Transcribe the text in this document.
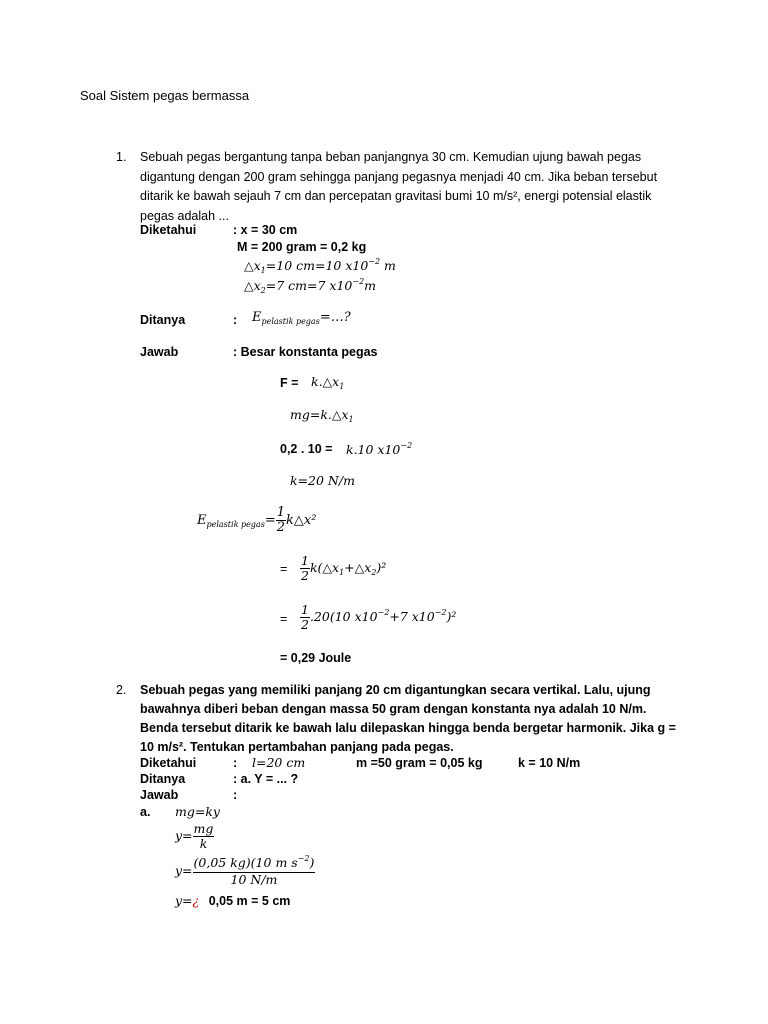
Soal Sistem pegas bermassa
1. Sebuah pegas bergantung tanpa beban panjangnya 30 cm. Kemudian ujung bawah pegas digantung dengan 200 gram sehingga panjang pegasnya menjadi 40 cm. Jika beban tersebut ditarik ke bawah sejauh 7 cm dan percepatan gravitasi bumi 10 m/s², energi potensial elastik pegas adalah ...
Diketahui	: x = 30 cm
M = 200 gram = 0,2 kg
$\triangle x_1=10$ cm=10 $x10^{-2}$ m
$\triangle x_2=7$ cm=7 $x10^{-2}m$
Ditanya	: $E_{pelastik pegas}=\dots$?
Jawab	: Besar konstanta pegas
$F = k.\triangle x_1$
$mg=k.\triangle x_1$
0,2 . 10 = k.10 $x10^{-2}$
k=20 N/m
$E_{pelastik pegas}= \frac{1}{2}$ k△x²
= $\frac{1}{2}$ $k(\triangle x_1+\triangle x_2)^2$
= $\frac{1}{2} .20(10$ $x10^{-2}+7$ $x10^{-2})^2$
= 0,29 Joule
2. Sebuah pegas yang memiliki panjang 20 cm digantungkan secara vertikal. Lalu, ujung bawahnya diberi beban dengan massa 50 gram dengan konstanta nya adalah 10 N/m. Benda tersebut ditarik ke bawah lalu dilepaskan hingga benda bergetar harmonik. Jika g = 10 m/s². Tentukan pertambahan panjang pada pegas.
Diketahui	: l=20 cm	m =50 gram = 0,05 kg	k = 10 N/m
Ditanya	: a. Y = ... ?
Jawab	:
a. mg=ky
$y= \frac{mg}{k}$
$y= \frac{(0,05 kg)(10 m s^{-2})}{10 N/m}$
y=¿ 0,05 m = 5 cm
